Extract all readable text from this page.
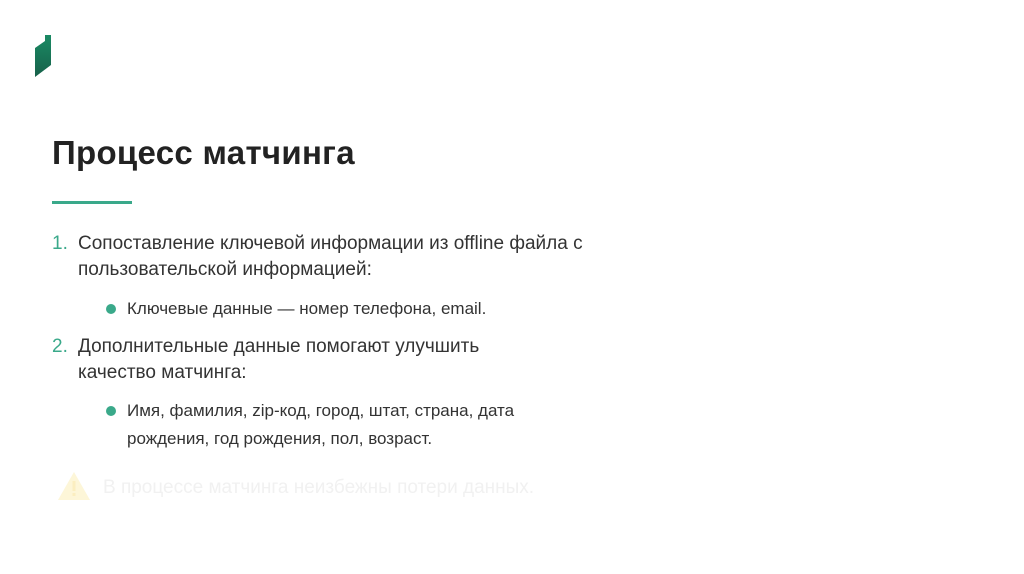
Процесс матчинга
1. Сопоставление ключевой информации из offline файла с пользовательской информацией:
Ключевые данные — номер телефона, email.
2. Дополнительные данные помогают улучшить качество матчинга:
Имя, фамилия, zip-код, город, штат, страна, дата рождения, год рождения, пол, возраст.
В процессе матчинга неизбежны потери данных.
